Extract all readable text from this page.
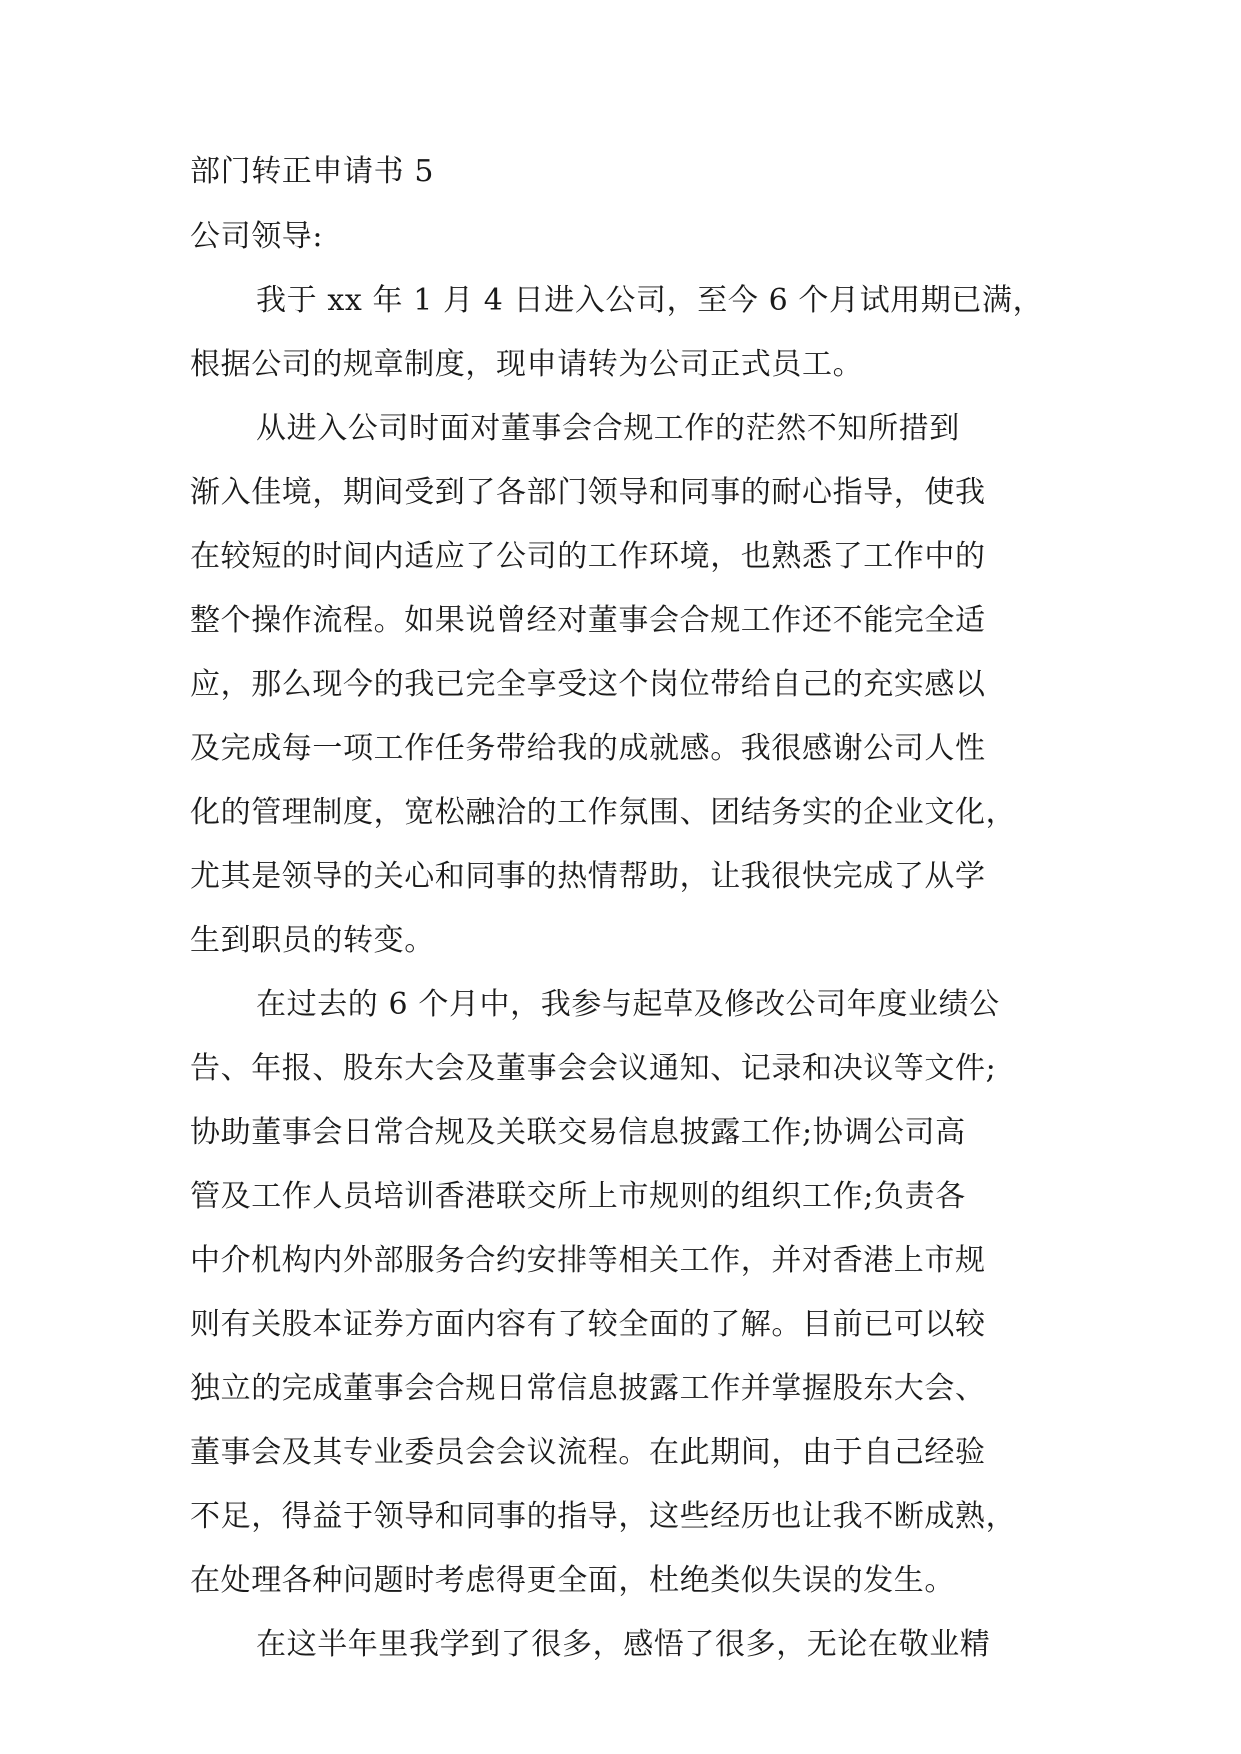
部门转正申请书 5
公司领导:
我于 xx 年 1 月 4 日进入公司，至今 6 个月试用期已满，
根据公司的规章制度，现申请转为公司正式员工。
从进入公司时面对董事会合规工作的茫然不知所措到
渐入佳境，期间受到了各部门领导和同事的耐心指导，使我
在较短的时间内适应了公司的工作环境，也熟悉了工作中的
整个操作流程。如果说曾经对董事会合规工作还不能完全适
应，那么现今的我已完全享受这个岗位带给自己的充实感以
及完成每一项工作任务带给我的成就感。我很感谢公司人性
化的管理制度，宽松融洽的工作氛围、团结务实的企业文化，
尤其是领导的关心和同事的热情帮助，让我很快完成了从学
生到职员的转变。
在过去的 6 个月中，我参与起草及修改公司年度业绩公
告、年报、股东大会及董事会会议通知、记录和决议等文件;
协助董事会日常合规及关联交易信息披露工作;协调公司高
管及工作人员培训香港联交所上市规则的组织工作;负责各
中介机构内外部服务合约安排等相关工作，并对香港上市规
则有关股本证券方面内容有了较全面的了解。目前已可以较
独立的完成董事会合规日常信息披露工作并掌握股东大会、
董事会及其专业委员会会议流程。在此期间，由于自己经验
不足，得益于领导和同事的指导，这些经历也让我不断成熟，
在处理各种问题时考虑得更全面，杜绝类似失误的发生。
在这半年里我学到了很多，感悟了很多，无论在敬业精
